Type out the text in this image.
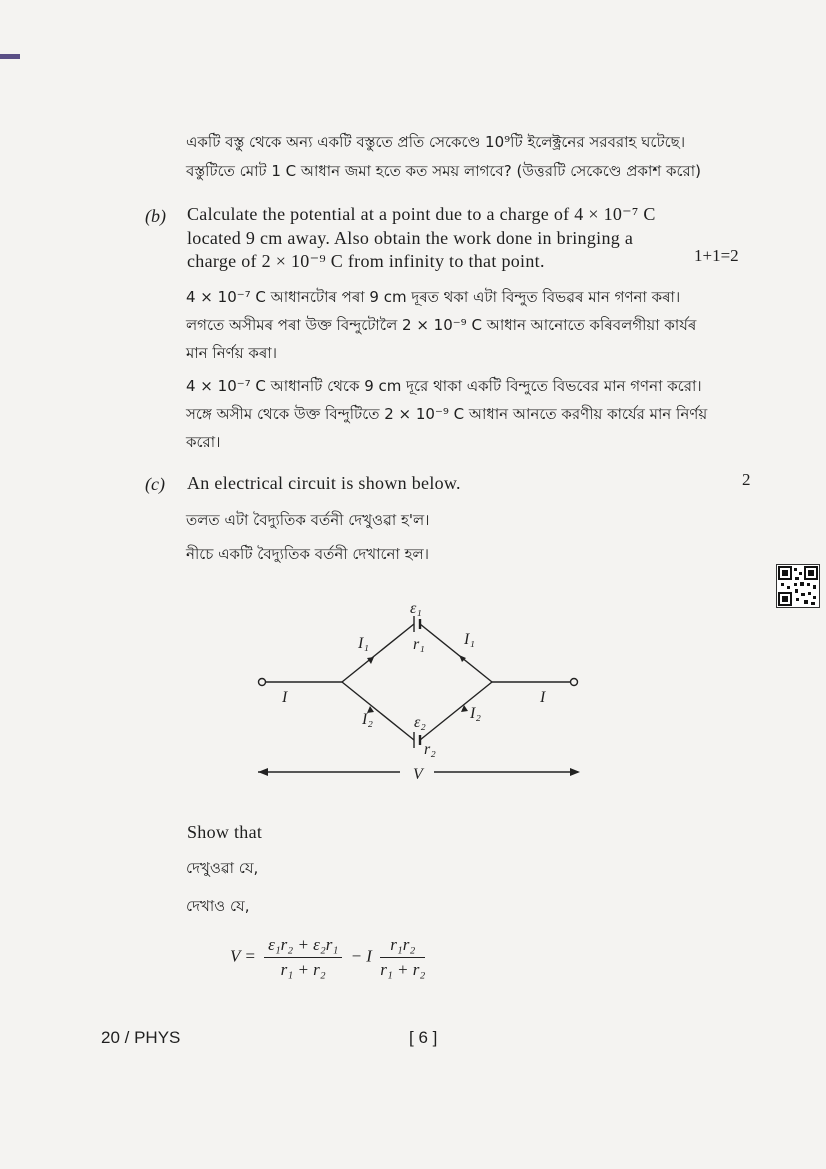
একটি বস্তু থেকে অন্য একটি বস্তুতে প্রতি সেকেণ্ডে 10⁹টি ইলেক্ট্রনের সরবরাহ ঘটেছে।
বস্তুটিতে মোট 1 C আধান জমা হতে কত সময় লাগবে? (উত্তরটি সেকেণ্ডে প্রকাশ করো)
(b) Calculate the potential at a point due to a charge of 4 × 10⁻⁷ C
located 9 cm away. Also obtain the work done in bringing a
charge of 2 × 10⁻⁹ C from infinity to that point.	1+1=2
4 × 10⁻⁷ C আধানটোৰ পৰা 9 cm দূৰত থকা এটা বিন্দুত বিভৱৰ মান গণনা কৰা।
লগতে অসীমৰ পৰা উক্ত বিন্দুটোলৈ 2 × 10⁻⁹ C আধান আনোতে কৰিবলগীয়া কাৰ্যৰ
মান নিৰ্ণয় কৰা।
4 × 10⁻⁷ C আধানটি থেকে 9 cm দূরে থাকা একটি বিন্দুতে বিভবের মান গণনা করো।
সঙ্গে অসীম থেকে উক্ত বিন্দুটিতে 2 × 10⁻⁹ C আধান আনতে করণীয় কার্যের মান নির্ণয়
করো।
(c) An electrical circuit is shown below.	2
তলত এটা বৈদ্যুতিক বৰ্তনী দেখুওৱা হ'ল।
নীচে একটি বৈদ্যুতিক বর্তনী দেখানো হল।
ε₁
r₁
I₁	I₁
I	I
I₂	I₂
ε₂
r₂
V
Show that
দেখুওৱা যে,
দেখাও যে,
$V = \frac{\text{ε₁r₂ + ε₂r₁}}{\text{r₁ + r₂}} - I \frac{\text{r₁r₂}}{\text{r₁ + r₂}}$
20 / PHYS	[ 6 ]
